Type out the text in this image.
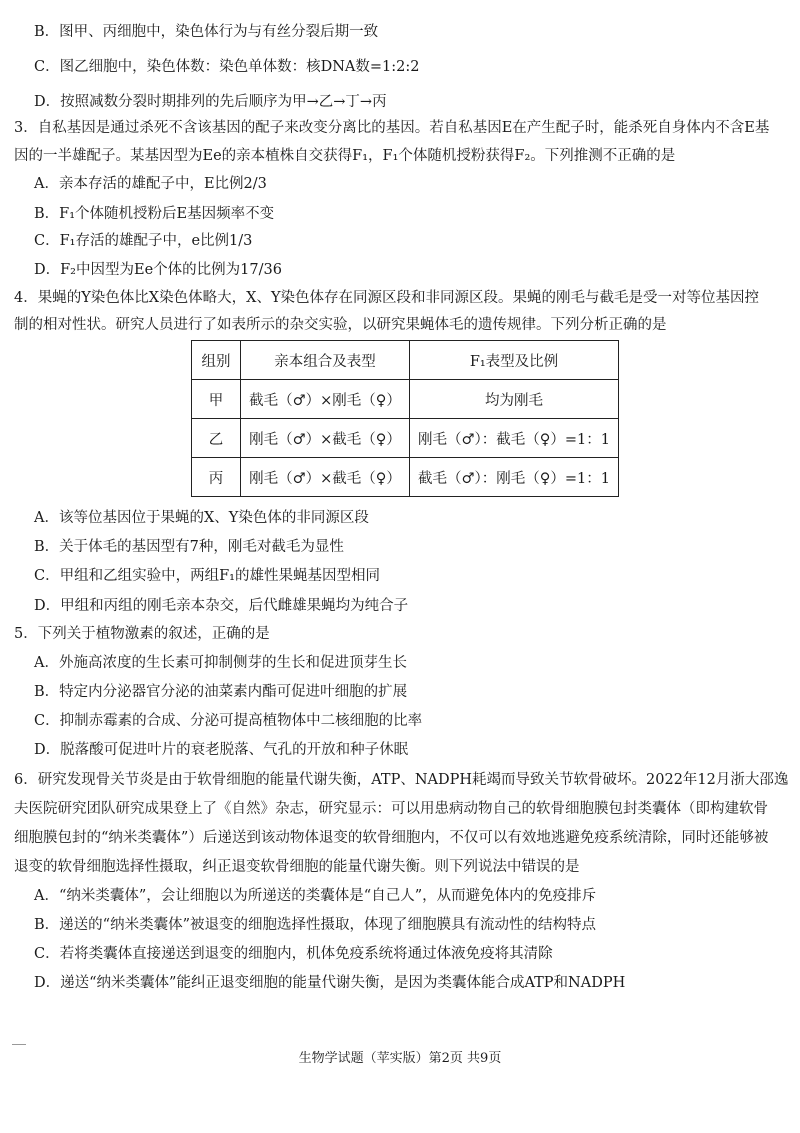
B．图甲、丙细胞中，染色体行为与有丝分裂后期一致
C．图乙细胞中，染色体数：染色单体数：核DNA数=1:2:2
D．按照减数分裂时期排列的先后顺序为甲→乙→丁→丙
3．自私基因是通过杀死不含该基因的配子来改变分离比的基因。若自私基因E在产生配子时，能杀死自身体内不含E基
因的一半雄配子。某基因型为Ee的亲本植株自交获得F₁，F₁个体随机授粉获得F₂。下列推测不正确的是
A．亲本存活的雄配子中，E比例2/3
B．F₁个体随机授粉后E基因频率不变
C．F₁存活的雄配子中，e比例1/3
D．F₂中因型为Ee个体的比例为17/36
4．果蝇的Y染色体比X染色体略大，X、Y染色体存在同源区段和非同源区段。果蝇的刚毛与截毛是受一对等位基因控
制的相对性状。研究人员进行了如表所示的杂交实验，以研究果蝇体毛的遗传规律。下列分析正确的是
组别	亲本组合及表型	F₁表型及比例
甲	截毛（♂）×刚毛（♀）	均为刚毛
乙	刚毛（♂）×截毛（♀）	刚毛（♂）：截毛（♀）=1：1
丙	刚毛（♂）×截毛（♀）	截毛（♂）：刚毛（♀）=1：1
A．该等位基因位于果蝇的X、Y染色体的非同源区段
B．关于体毛的基因型有7种，刚毛对截毛为显性
C．甲组和乙组实验中，两组F₁的雄性果蝇基因型相同
D．甲组和丙组的刚毛亲本杂交，后代雌雄果蝇均为纯合子
5．下列关于植物激素的叙述，正确的是
A．外施高浓度的生长素可抑制侧芽的生长和促进顶芽生长
B．特定内分泌器官分泌的油菜素内酯可促进叶细胞的扩展
C．抑制赤霉素的合成、分泌可提高植物体中二核细胞的比率
D．脱落酸可促进叶片的衰老脱落、气孔的开放和种子休眠
6．研究发现骨关节炎是由于软骨细胞的能量代谢失衡，ATP、NADPH耗竭而导致关节软骨破坏。2022年12月浙大邵逸
夫医院研究团队研究成果登上了《自然》杂志，研究显示：可以用患病动物自己的软骨细胞膜包封类囊体（即构建软骨
细胞膜包封的“纳米类囊体”）后递送到该动物体退变的软骨细胞内，不仅可以有效地逃避免疫系统清除，同时还能够被
退变的软骨细胞选择性摄取，纠正退变软骨细胞的能量代谢失衡。则下列说法中错误的是
A．“纳米类囊体”，会让细胞以为所递送的类囊体是“自己人”，从而避免体内的免疫排斥
B．递送的“纳米类囊体”被退变的细胞选择性摄取，体现了细胞膜具有流动性的结构特点
C．若将类囊体直接递送到退变的细胞内，机体免疫系统将通过体液免疫将其清除
D．递送“纳米类囊体”能纠正退变细胞的能量代谢失衡，是因为类囊体能合成ATP和NADPH
生物学试题（苹实版）第2页 共9页
